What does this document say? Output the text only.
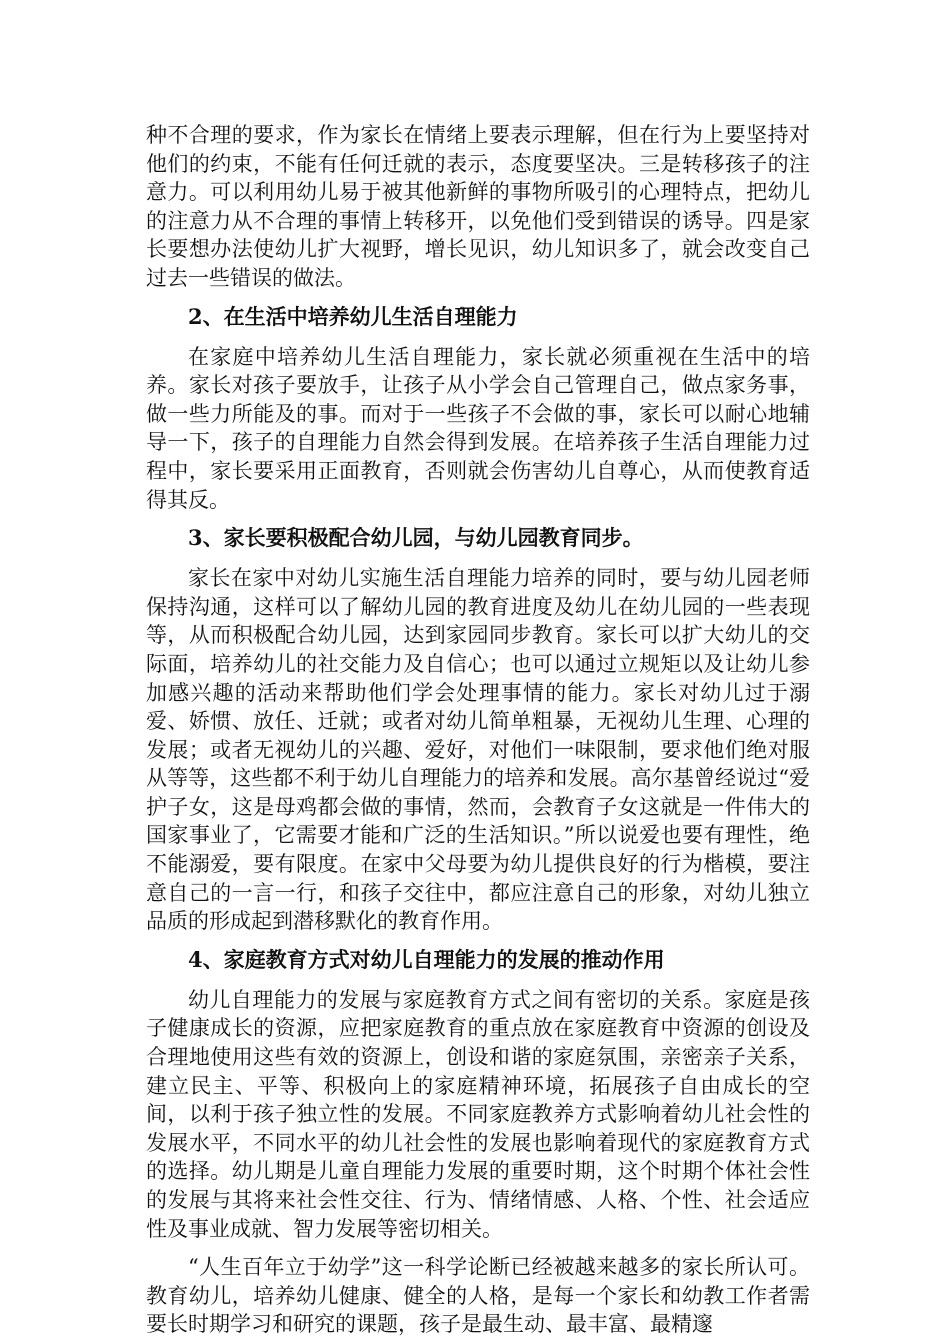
种不合理的要求，作为家长在情绪上要表示理解，但在行为上要坚持对他们的约束，不能有任何迁就的表示，态度要坚决。三是转移孩子的注意力。可以利用幼儿易于被其他新鲜的事物所吸引的心理特点，把幼儿的注意力从不合理的事情上转移开，以免他们受到错误的诱导。四是家长要想办法使幼儿扩大视野，增长见识，幼儿知识多了，就会改变自己过去一些错误的做法。

2、在生活中培养幼儿生活自理能力

在家庭中培养幼儿生活自理能力，家长就必须重视在生活中的培养。家长对孩子要放手，让孩子从小学会自己管理自己，做点家务事，做一些力所能及的事。而对于一些孩子不会做的事，家长可以耐心地辅导一下，孩子的自理能力自然会得到发展。在培养孩子生活自理能力过程中，家长要采用正面教育，否则就会伤害幼儿自尊心，从而使教育适得其反。

3、家长要积极配合幼儿园，与幼儿园教育同步。

家长在家中对幼儿实施生活自理能力培养的同时，要与幼儿园老师保持沟通，这样可以了解幼儿园的教育进度及幼儿在幼儿园的一些表现等，从而积极配合幼儿园，达到家园同步教育。家长可以扩大幼儿的交际面，培养幼儿的社交能力及自信心；也可以通过立规矩以及让幼儿参加感兴趣的活动来帮助他们学会处理事情的能力。家长对幼儿过于溺爱、娇惯、放任、迁就；或者对幼儿简单粗暴，无视幼儿生理、心理的发展；或者无视幼儿的兴趣、爱好，对他们一味限制，要求他们绝对服从等等，这些都不利于幼儿自理能力的培养和发展。高尔基曾经说过“爱护子女，这是母鸡都会做的事情，然而，会教育子女这就是一件伟大的国家事业了，它需要才能和广泛的生活知识。”所以说爱也要有理性，绝不能溺爱，要有限度。在家中父母要为幼儿提供良好的行为楷模，要注意自己的一言一行，和孩子交往中，都应注意自己的形象，对幼儿独立品质的形成起到潜移默化的教育作用。

4、家庭教育方式对幼儿自理能力的发展的推动作用

幼儿自理能力的发展与家庭教育方式之间有密切的关系。家庭是孩子健康成长的资源，应把家庭教育的重点放在家庭教育中资源的创设及合理地使用这些有效的资源上，创设和谐的家庭氛围，亲密亲子关系，建立民主、平等、积极向上的家庭精神环境，拓展孩子自由成长的空间，以利于孩子独立性的发展。不同家庭教养方式影响着幼儿社会性的发展水平，不同水平的幼儿社会性的发展也影响着现代的家庭教育方式的选择。幼儿期是儿童自理能力发展的重要时期，这个时期个体社会性的发展与其将来社会性交往、行为、情绪情感、人格、个性、社会适应性及事业成就、智力发展等密切相关。

“人生百年立于幼学”这一科学论断已经被越来越多的家长所认可。教育幼儿，培养幼儿健康、健全的人格，是每一个家长和幼教工作者需要长时期学习和研究的课题，孩子是最生动、最丰富、最精邃
